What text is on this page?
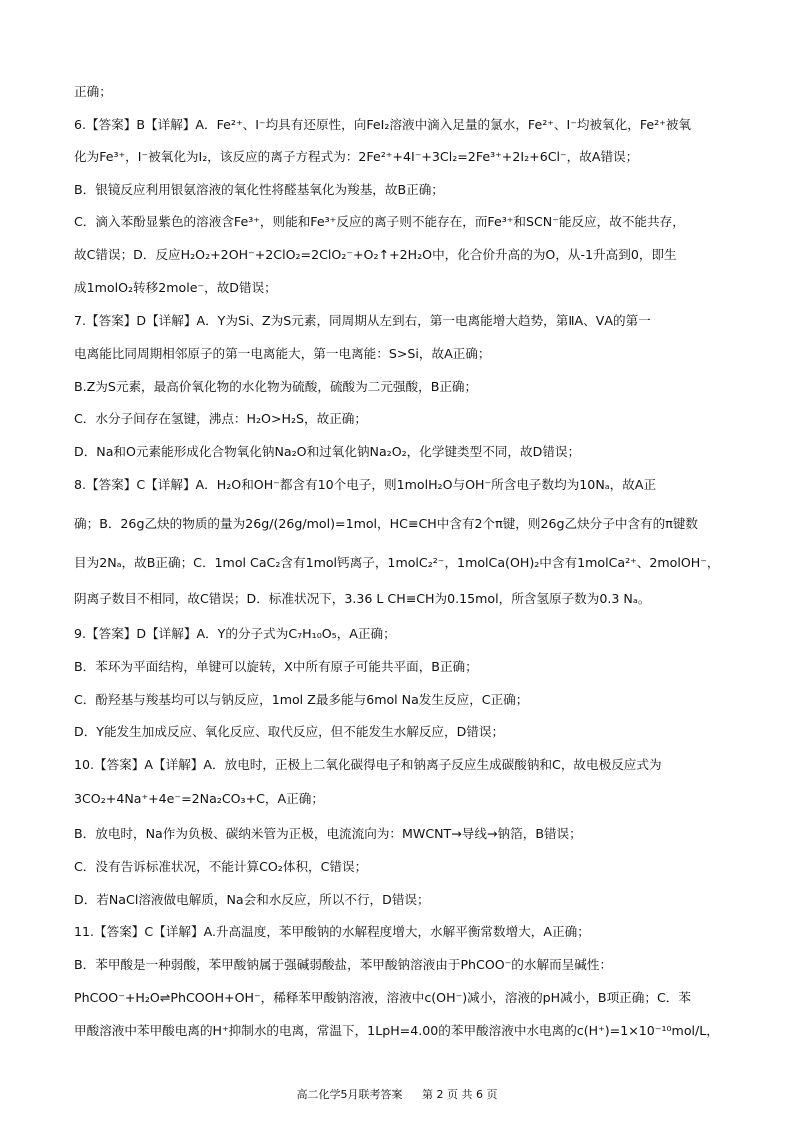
正确；
6.【答案】B【详解】A．Fe²⁺、I⁻均具有还原性，向FeI₂溶液中滴入足量的氯水，Fe²⁺、I⁻均被氧化，Fe²⁺被氧
化为Fe³⁺，I⁻被氧化为I₂，该反应的离子方程式为：2Fe²⁺+4I⁻+3Cl₂=2Fe³⁺+2I₂+6Cl⁻，故A错误；
B．银镜反应利用银氨溶液的氧化性将醛基氧化为羧基，故B正确；
C．滴入苯酚显紫色的溶液含Fe³⁺，则能和Fe³⁺反应的离子则不能存在，而Fe³⁺和SCN⁻能反应，故不能共存，
故C错误；D．反应H₂O₂+2OH⁻+2ClO₂=2ClO₂⁻+O₂↑+2H₂O中，化合价升高的为O，从-1升高到0，即生
成1molO₂转移2mole⁻，故D错误；
7.【答案】D【详解】A．Y为Si、Z为S元素，同周期从左到右，第一电离能增大趋势，第ⅡA、ⅤA的第一
电离能比同周期相邻原子的第一电离能大，第一电离能：S>Si，故A正确；
B.Z为S元素，最高价氧化物的水化物为硫酸，硫酸为二元强酸，B正确；
C．水分子间存在氢键，沸点：H₂O>H₂S，故正确；
D．Na和O元素能形成化合物氧化钠Na₂O和过氧化钠Na₂O₂，化学键类型不同，故D错误；
8.【答案】C【详解】A．H₂O和OH⁻都含有10个电子，则1molH₂O与OH⁻所含电子数均为10Nₐ，故A正
确；B．26g乙炔的物质的量为26g/(26g/mol)=1mol，HC≡CH中含有2个π键，则26g乙炔分子中含有的π键数
目为2Nₐ，故B正确；C．1mol CaC₂含有1mol钙离子，1molC₂²⁻，1molCa(OH)₂中含有1molCa²⁺、2molOH⁻，
阴离子数目不相同，故C错误；D．标准状况下，3.36 L CH≡CH为0.15mol，所含氢原子数为0.3 Nₐ。
9.【答案】D【详解】A．Y的分子式为C₇H₁₀O₅，A正确；
B．苯环为平面结构，单键可以旋转，X中所有原子可能共平面，B正确；
C．酚羟基与羧基均可以与钠反应，1mol Z最多能与6mol Na发生反应，C正确；
D．Y能发生加成反应、氧化反应、取代反应，但不能发生水解反应，D错误；
10.【答案】A【详解】A．放电时，正极上二氧化碳得电子和钠离子反应生成碳酸钠和C，故电极反应式为
3CO₂+4Na⁺+4e⁻=2Na₂CO₃+C，A正确；
B．放电时，Na作为负极、碳纳米管为正极，电流流向为：MWCNT→导线→钠箔，B错误；
C．没有告诉标准状况，不能计算CO₂体积，C错误；
D．若NaCl溶液做电解质，Na会和水反应，所以不行，D错误；
11.【答案】C【详解】A.升高温度，苯甲酸钠的水解程度增大，水解平衡常数增大，A正确；
B．苯甲酸是一种弱酸，苯甲酸钠属于强碱弱酸盐，苯甲酸钠溶液由于PhCOO⁻的水解而呈碱性：
PhCOO⁻+H₂O⇌PhCOOH+OH⁻，稀释苯甲酸钠溶液，溶液中c(OH⁻)减小，溶液的pH减小，B项正确；C．苯
甲酸溶液中苯甲酸电离的H⁺抑制水的电离，常温下，1LpH=4.00的苯甲酸溶液中水电离的c(H⁺)=1×10⁻¹⁰mol/L，
高二化学5月联考答案 第 2 页 共 6 页
